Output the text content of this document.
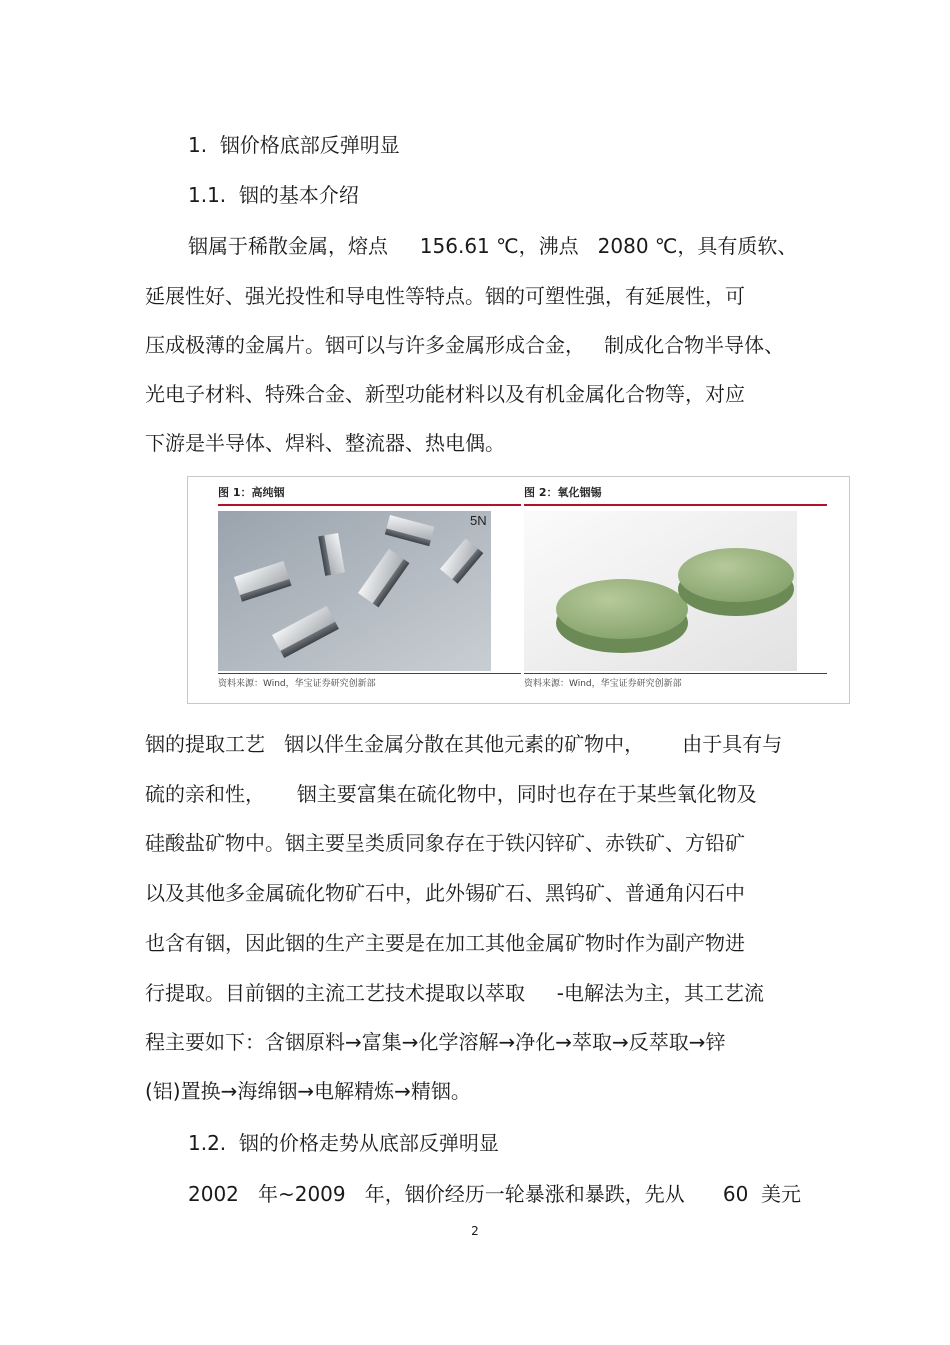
1.  铟价格底部反弹明显
1.1.  铟的基本介绍
铟属于稀散金属，熔点     156.61 ℃，沸点   2080 ℃，具有质软、
延展性好、强光投性和导电性等特点。铟的可塑性强，有延展性，可
压成极薄的金属片。铟可以与许多金属形成合金，   制成化合物半导体、
光电子材料、特殊合金、新型功能材料以及有机金属化合物等，对应
下游是半导体、焊料、整流器、热电偶。
图 1：高纯铟
5N
资料来源：Wind，华宝证券研究创新部
图 2：氧化铟锡
资料来源：Wind，华宝证券研究创新部
铟的提取工艺   铟以伴生金属分散在其他元素的矿物中，      由于具有与
硫的亲和性，     铟主要富集在硫化物中，同时也存在于某些氧化物及
硅酸盐矿物中。铟主要呈类质同象存在于铁闪锌矿、赤铁矿、方铅矿
以及其他多金属硫化物矿石中，此外锡矿石、黑钨矿、普通角闪石中
也含有铟，因此铟的生产主要是在加工其他金属矿物时作为副产物进
行提取。目前铟的主流工艺技术提取以萃取     -电解法为主，其工艺流
程主要如下：含铟原料→富集→化学溶解→净化→萃取→反萃取→锌
(铝)置换→海绵铟→电解精炼→精铟。
1.2.  铟的价格走势从底部反弹明显
2002   年~2009   年，铟价经历一轮暴涨和暴跌，先从      60  美元
2
